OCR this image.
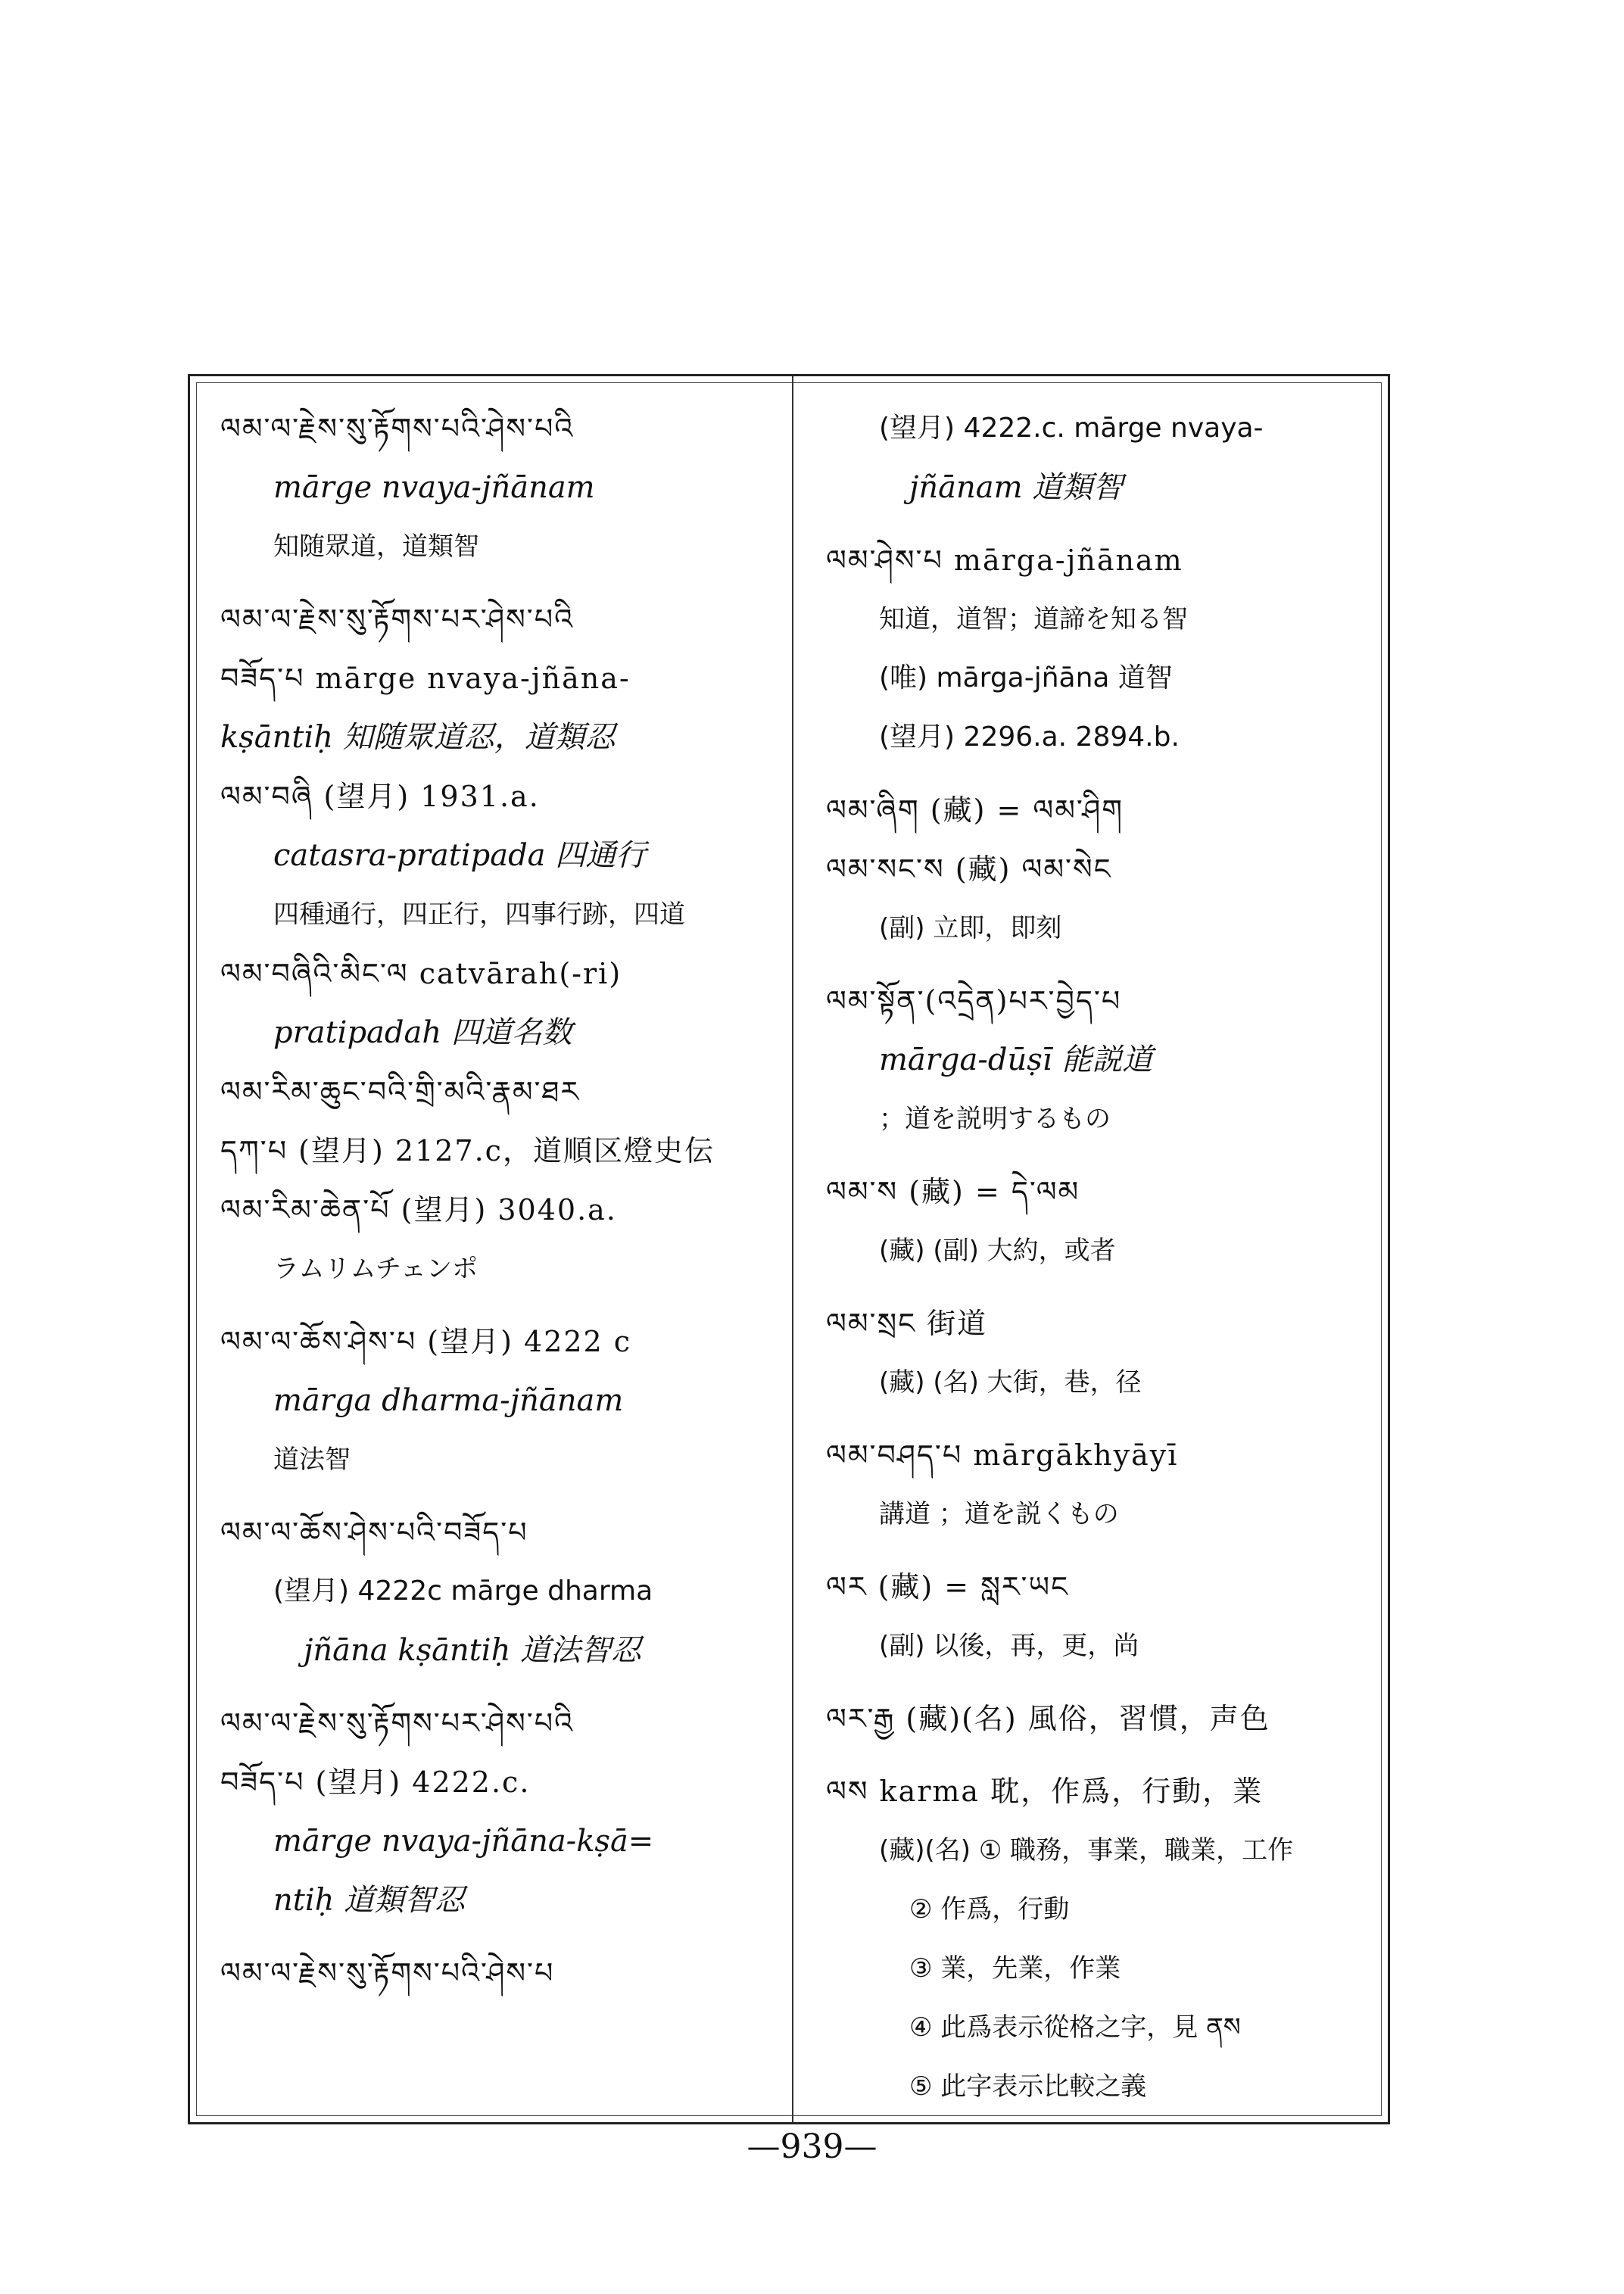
ལམ་ལ་རྗེས་སུ་རྟོགས་པའི་ཤེས་པའི
mārge nvaya-jñānam
知随眾道，道類智
ལམ་ལ་རྗེས་སུ་རྟོགས་པར་ཤེས་པའི
བཟོད་པ mārge nvaya-jñāna-
kṣāntiḥ 知随眾道忍，道類忍
ལམ་བཞི (望月) 1931.a.
catasra-pratipada 四通行
四種通行，四正行，四事行跡，四道
ལམ་བཞིའི་མིང་ལ catvārah(-ri)
pratipadah 四道名数
ལམ་རིམ་ཆུང་བའི་གྲི་མའི་རྣམ་ཐར
དཀ་པ (望月) 2127.c，道順区燈史伝
ལམ་རིམ་ཆེན་པོ (望月) 3040.a.
ラムリムチェンポ
ལམ་ལ་ཆོས་ཤེས་པ (望月) 4222 c
mārga dharma-jñānam
道法智
ལམ་ལ་ཆོས་ཤེས་པའི་བཟོད་པ
(望月) 4222c mārge dharma
jñāna kṣāntiḥ 道法智忍
ལམ་ལ་རྗེས་སུ་རྟོགས་པར་ཤེས་པའི
བཟོད་པ (望月) 4222.c.
mārge nvaya-jñāna-kṣā=
ntiḥ 道類智忍
ལམ་ལ་རྗེས་སུ་རྟོགས་པའི་ཤེས་པ
(望月) 4222.c. mārge nvaya-
jñānam 道類智
ལམ་ཤེས་པ mārga-jñānam
知道，道智；道諦を知る智
(唯) mārga-jñāna 道智
(望月) 2296.a. 2894.b.
ལམ་ཞིག (藏) = ལམ་ཤིག
ལམ་སང་ས (藏) ལམ་སེང
(副) 立即，即刻
ལམ་སྟོན་(འདྲེན)པར་བྱེད་པ
mārga-dūṣī 能説道
；道を説明するもの
ལམ་ས (藏) = དེ་ལམ
(藏) (副) 大約，或者
ལམ་སྲང 街道
(藏) (名) 大街，巷，径
ལམ་བཤད་པ mārgākhyāyī
講道 ；道を説くもの
ལར (藏) = སླར་ཡང
(副) 以後，再，更，尚
ལར་རྒྱ (藏)(名) 風俗，習慣，声色
ལས karma 耽，作爲，行動，業
(藏)(名) ① 職務，事業，職業，工作
② 作爲，行動
③ 業，先業，作業
④ 此爲表示從格之字，見 ནས
⑤ 此字表示比較之義
—939—
